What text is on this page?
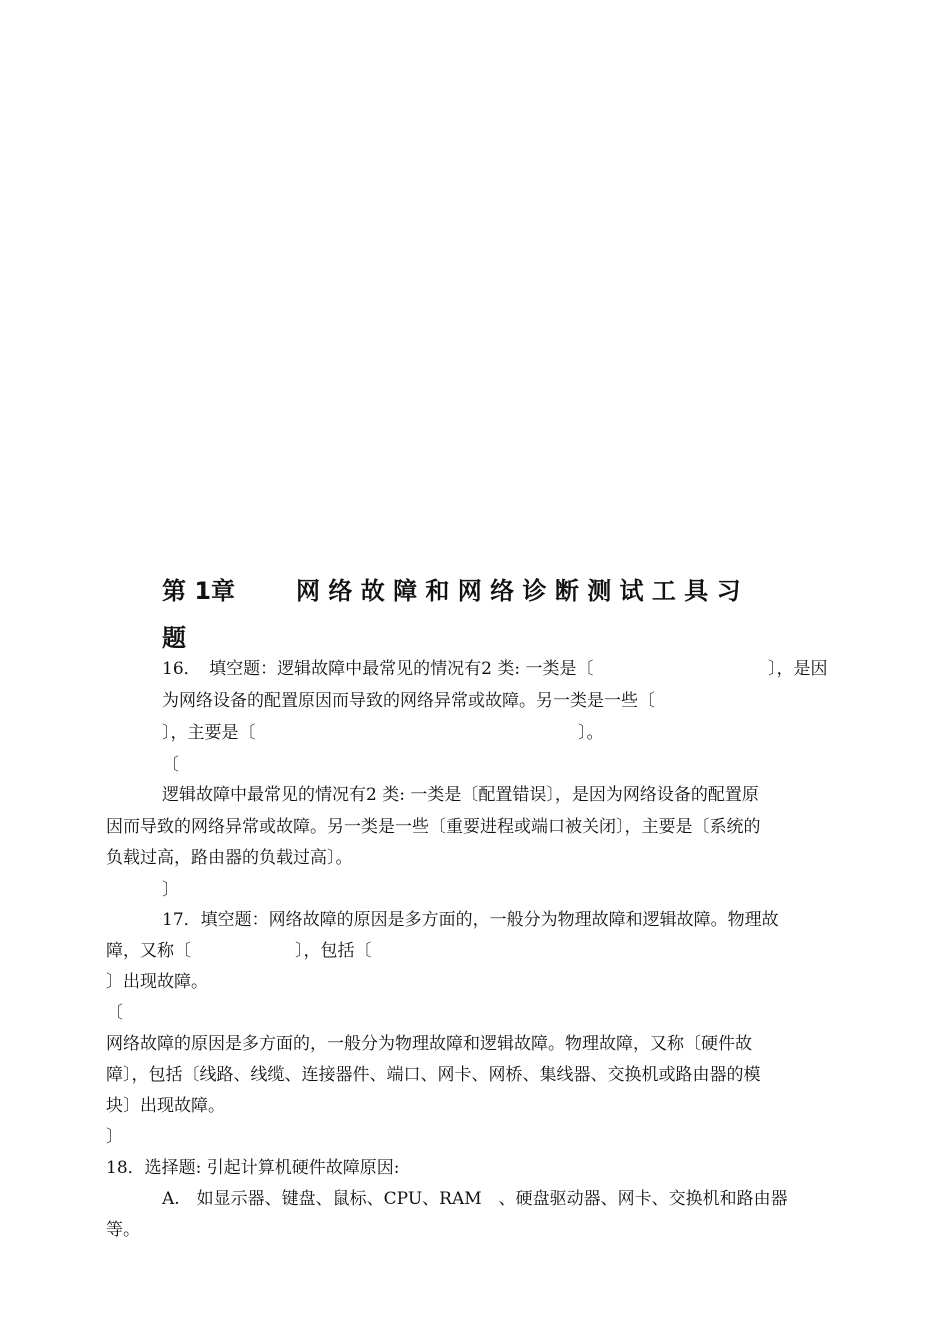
第 1章	网 络 故 障 和 网 络 诊 断 测 试 工 具 习
题
16．　填空题：逻辑故障中最常见的情况有2 类: 一类是〔	〕，是因
为网络设备的配置原因而导致的网络异常或故障。另一类是一些〔
〕，主要是〔	〕。
〔
逻辑故障中最常见的情况有2 类: 一类是〔配置错误〕，是因为网络设备的配置原
因而导致的网络异常或故障。另一类是一些〔重要进程或端口被关闭〕，主要是〔系统的
负载过高，路由器的负载过高〕。
〕
17．填空题：网络故障的原因是多方面的，一般分为物理故障和逻辑故障。物理故
障，又称〔	〕，包括〔
〕出现故障。
〔
网络故障的原因是多方面的，一般分为物理故障和逻辑故障。物理故障，又称〔硬件故
障〕，包括〔线路、线缆、连接器件、端口、网卡、网桥、集线器、交换机或路由器的模
块〕出现故障。
〕
18．选择题: 引起计算机硬件故障原因:
A.　如显示器、键盘、鼠标、CPU、RAM　、硬盘驱动器、网卡、交换机和路由器
等。
